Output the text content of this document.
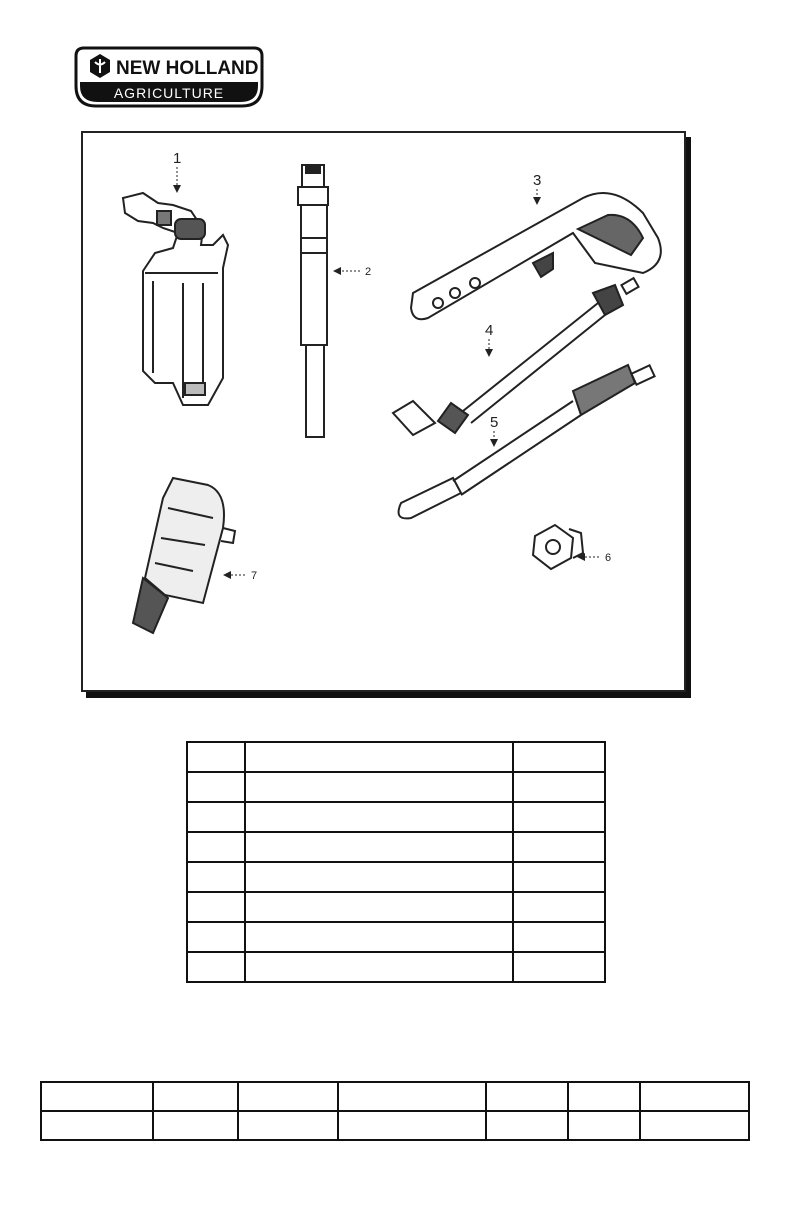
NEW HOLLAND
AGRICULTURE
1
2
3
4
5
6
7
